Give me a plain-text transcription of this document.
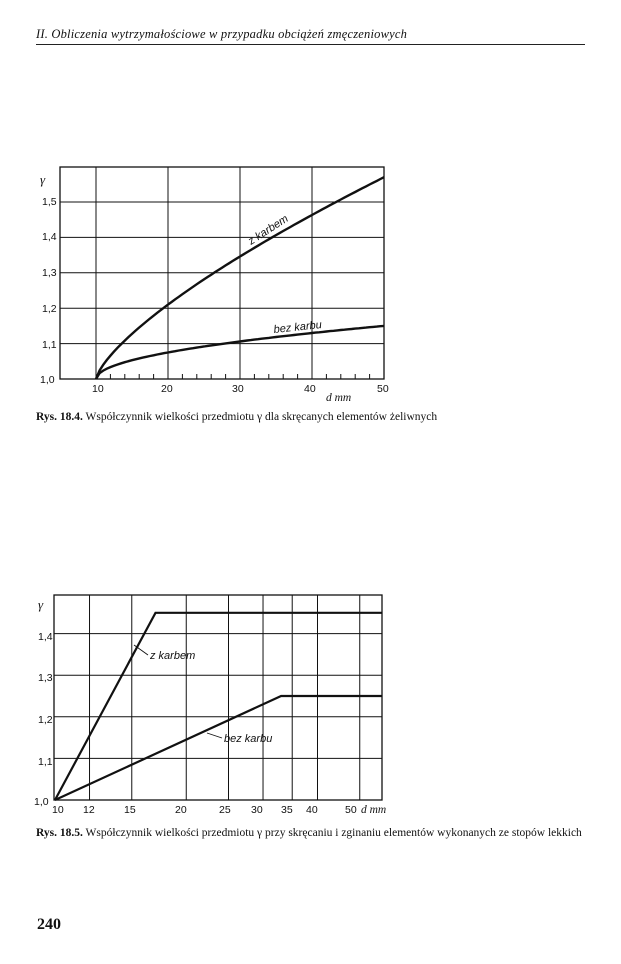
II. Obliczenia wytrzymałościowe w przypadku obciążeń zmęczeniowych
γ
1,0
1,1
1,2
1,3
1,4
1,5
10	20	30	40	50
d mm
z karbem
bez karbu
Rys. 18.4. Współczynnik wielkości przedmiotu γ dla skręcanych elementów żeliwnych
γ
1,0
1,1
1,2
1,3
1,4
10 12	15	20	25 30 35 40	50 d mm
z karbem
bez karbu
Rys. 18.5. Współczynnik wielkości przedmiotu γ przy skręcaniu i zginaniu elementów wykonanych ze stopów lekkich
240
